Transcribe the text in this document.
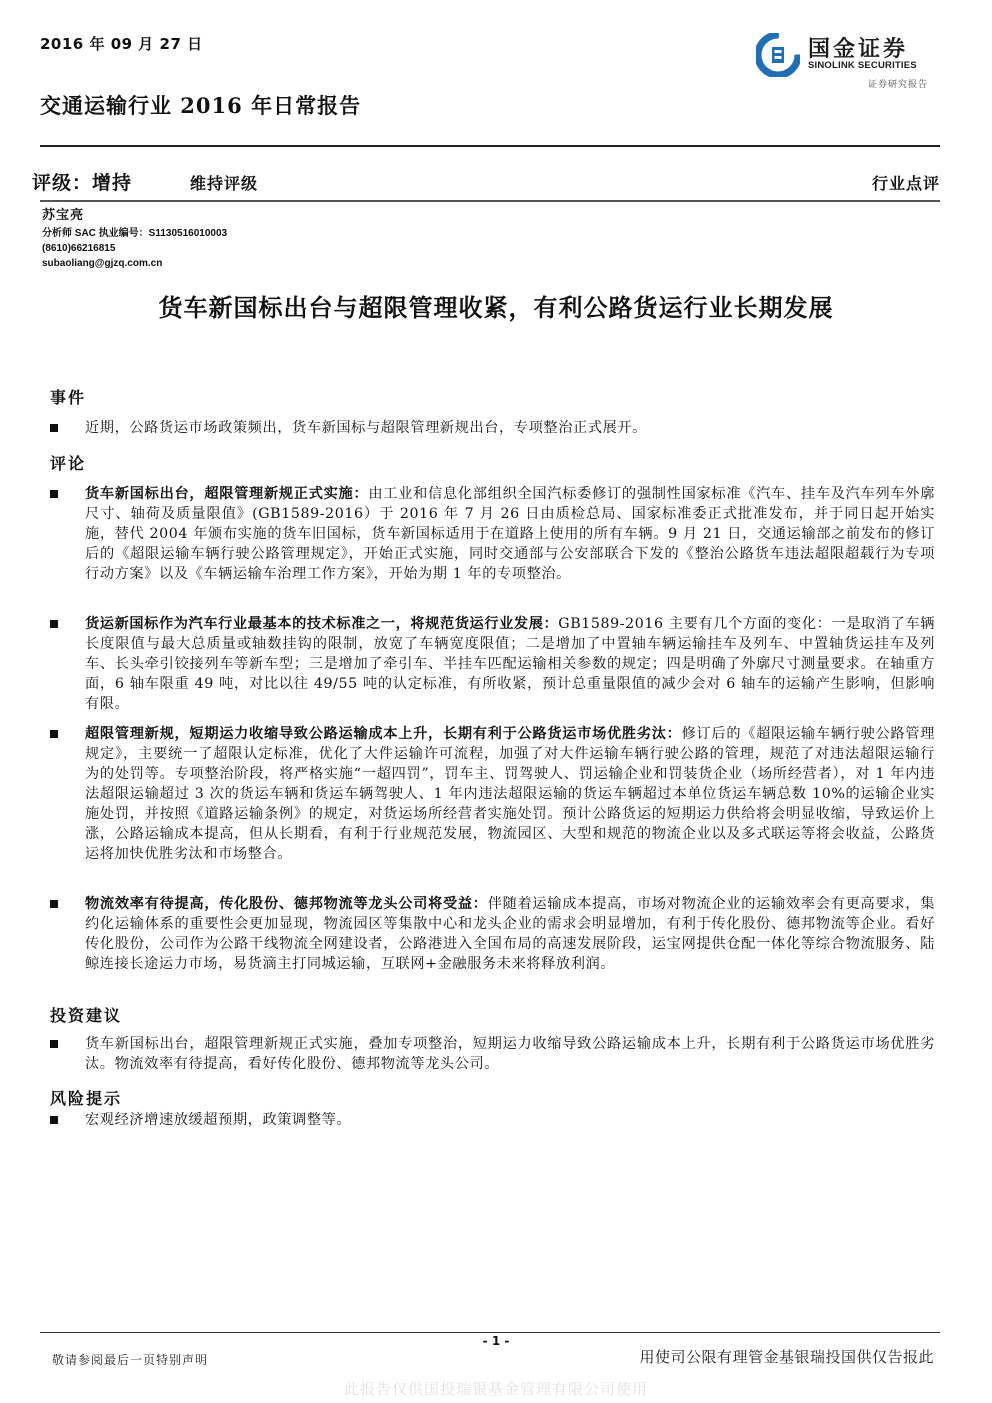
2016 年 09 月 27 日
交通运输行业 2016 年日常报告
国金证券
SINOLINK SECURITIES
证券研究报告
评级：增持	维持评级	行业点评
苏宝亮
分析师 SAC 执业编号：S1130516010003
(8610)66216815
subaoliang@gjzq.com.cn
货车新国标出台与超限管理收紧，有利公路货运行业长期发展
事件
近期，公路货运市场政策频出，货车新国标与超限管理新规出台，专项整治正式展开。
评论
货车新国标出台，超限管理新规正式实施：由工业和信息化部组织全国汽标委修订的强制性国家标准《汽车、挂车及汽车列车外廓尺寸、轴荷及质量限值》(GB1589-2016）于 2016 年 7 月 26 日由质检总局、国家标准委正式批准发布，并于同日起开始实施，替代 2004 年颁布实施的货车旧国标，货车新国标适用于在道路上使用的所有车辆。9 月 21 日，交通运输部之前发布的修订后的《超限运输车辆行驶公路管理规定》，开始正式实施，同时交通部与公安部联合下发的《整治公路货车违法超限超载行为专项行动方案》以及《车辆运输车治理工作方案》，开始为期 1 年的专项整治。
货运新国标作为汽车行业最基本的技术标准之一，将规范货运行业发展：GB1589-2016 主要有几个方面的变化：一是取消了车辆长度限值与最大总质量或轴数挂钩的限制，放宽了车辆宽度限值；二是增加了中置轴车辆运输挂车及列车、中置轴货运挂车及列车、长头牵引铰接列车等新车型；三是增加了牵引车、半挂车匹配运输相关参数的规定；四是明确了外廓尺寸测量要求。在轴重方面，6 轴车限重 49 吨，对比以往 49/55 吨的认定标准，有所收紧，预计总重量限值的减少会对 6 轴车的运输产生影响，但影响有限。
超限管理新规，短期运力收缩导致公路运输成本上升，长期有利于公路货运市场优胜劣汰：修订后的《超限运输车辆行驶公路管理规定》，主要统一了超限认定标准，优化了大件运输许可流程，加强了对大件运输车辆行驶公路的管理，规范了对违法超限运输行为的处罚等。专项整治阶段，将严格实施“一超四罚”，罚车主、罚驾驶人、罚运输企业和罚装货企业（场所经营者），对 1 年内违法超限运输超过 3 次的货运车辆和货运车辆驾驶人、1 年内违法超限运输的货运车辆超过本单位货运车辆总数 10%的运输企业实施处罚，并按照《道路运输条例》的规定，对货运场所经营者实施处罚。预计公路货运的短期运力供给将会明显收缩，导致运价上涨，公路运输成本提高，但从长期看，有利于行业规范发展，物流园区、大型和规范的物流企业以及多式联运等将会收益，公路货运将加快优胜劣汰和市场整合。
物流效率有待提高，传化股份、德邦物流等龙头公司将受益：伴随着运输成本提高，市场对物流企业的运输效率会有更高要求，集约化运输体系的重要性会更加显现，物流园区等集散中心和龙头企业的需求会明显增加，有利于传化股份、德邦物流等企业。看好传化股份，公司作为公路干线物流全网建设者，公路港进入全国布局的高速发展阶段，运宝网提供仓配一体化等综合物流服务、陆鲸连接长途运力市场，易货滴主打同城运输，互联网+金融服务未来将释放利润。
投资建议
货车新国标出台，超限管理新规正式实施，叠加专项整治，短期运力收缩导致公路运输成本上升，长期有利于公路货运市场优胜劣汰。物流效率有待提高，看好传化股份、德邦物流等龙头公司。
风险提示
宏观经济增速放缓超预期，政策调整等。
- 1 -
敬请参阅最后一页特别声明	用使司公限有理管金基银瑞投国供仅告报此
此报告仅供国投瑞银基金管理有限公司使用
